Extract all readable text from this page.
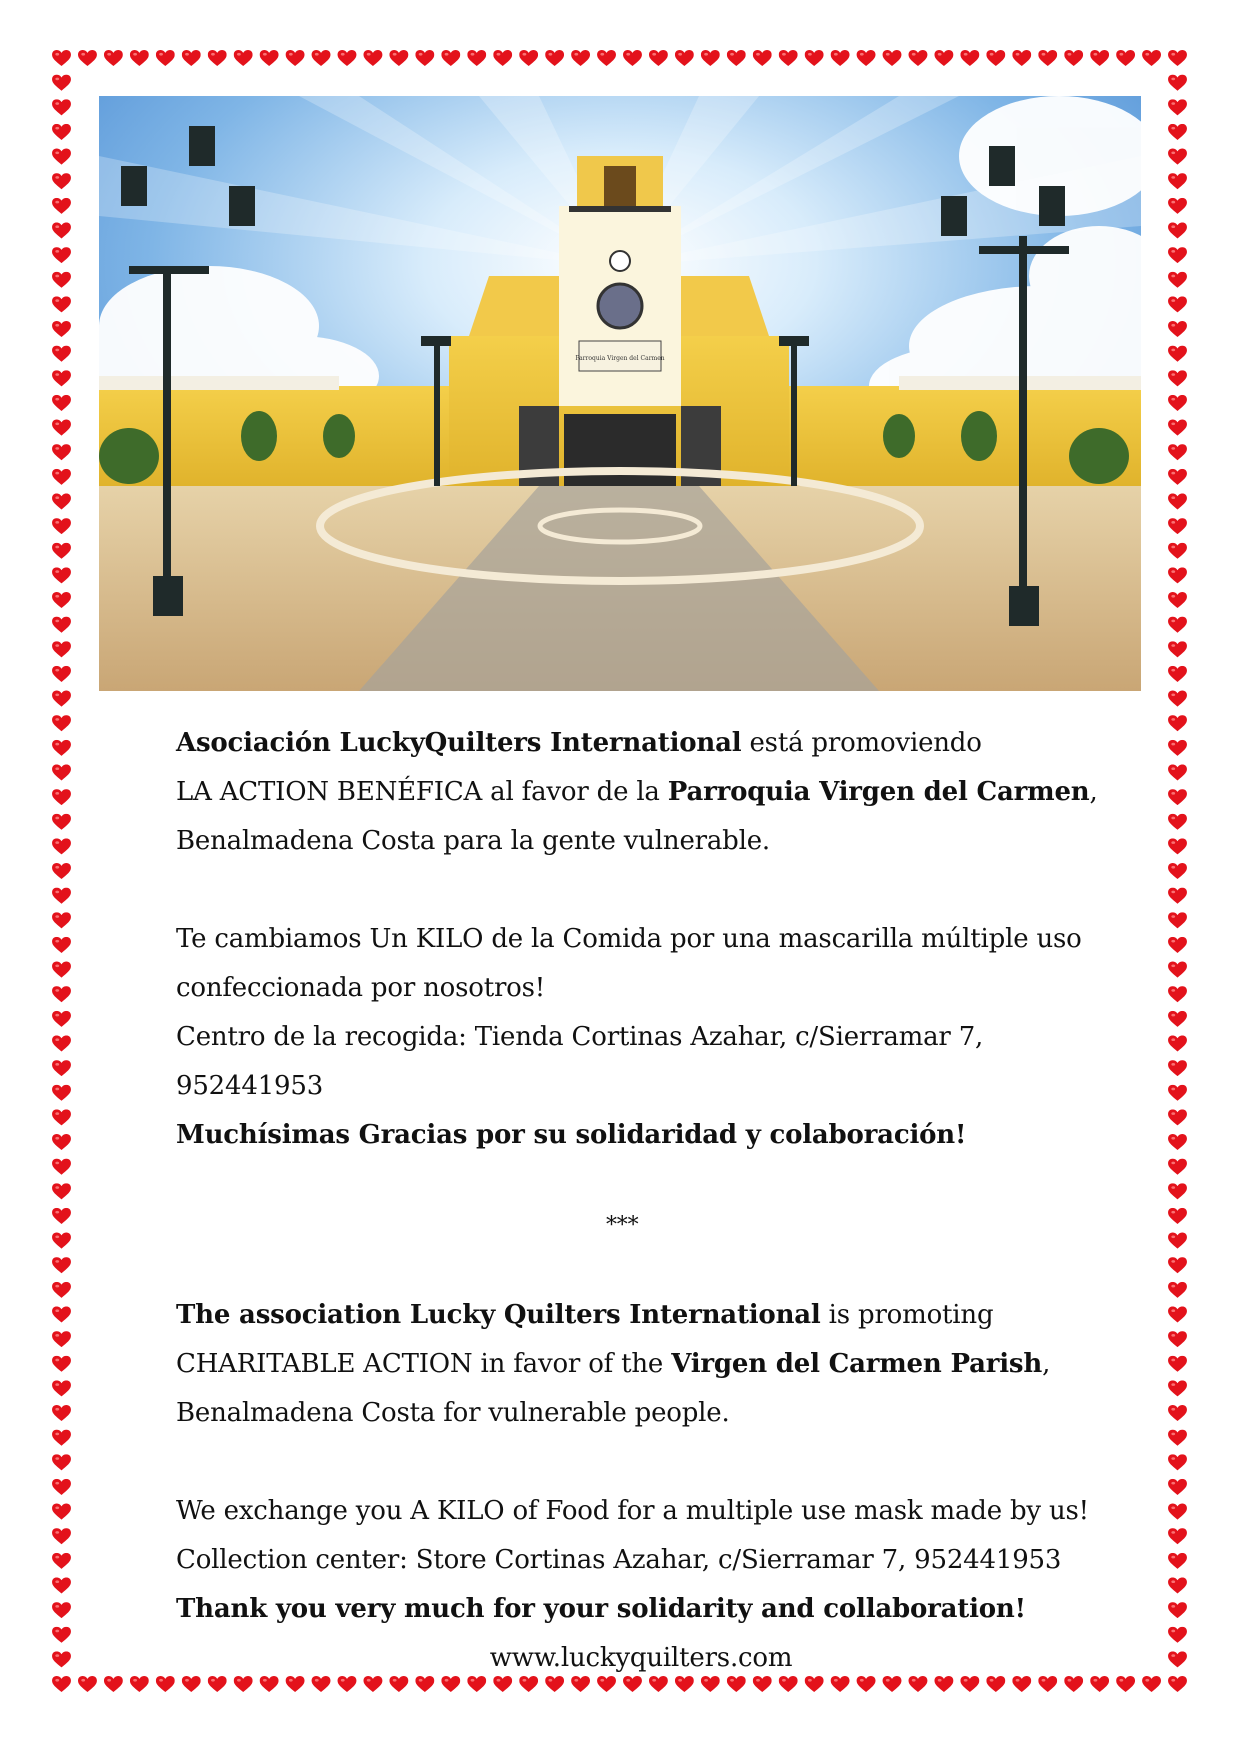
Parroquia Virgen del Carmen

Asociación LuckyQuilters International está promoviendo

LA ACTION BENÉFICA al favor de la Parroquia Virgen del Carmen,

Benalmadena Costa para la gente vulnerable.

Te cambiamos Un KILO de la Comida por una mascarilla múltiple uso

confeccionada por nosotros!

Centro de la recogida: Tienda Cortinas Azahar, c/Sierramar 7, 952441953

Muchísimas Gracias por su solidaridad y colaboración!

***

The association Lucky Quilters International is promoting

CHARITABLE ACTION in favor of the Virgen del Carmen Parish,

Benalmadena Costa for vulnerable people.

We exchange you A KILO of Food for a multiple use mask made by us!

Collection center: Store Cortinas Azahar, c/Sierramar 7, 952441953

Thank you very much for your solidarity and collaboration!

www.luckyquilters.com
